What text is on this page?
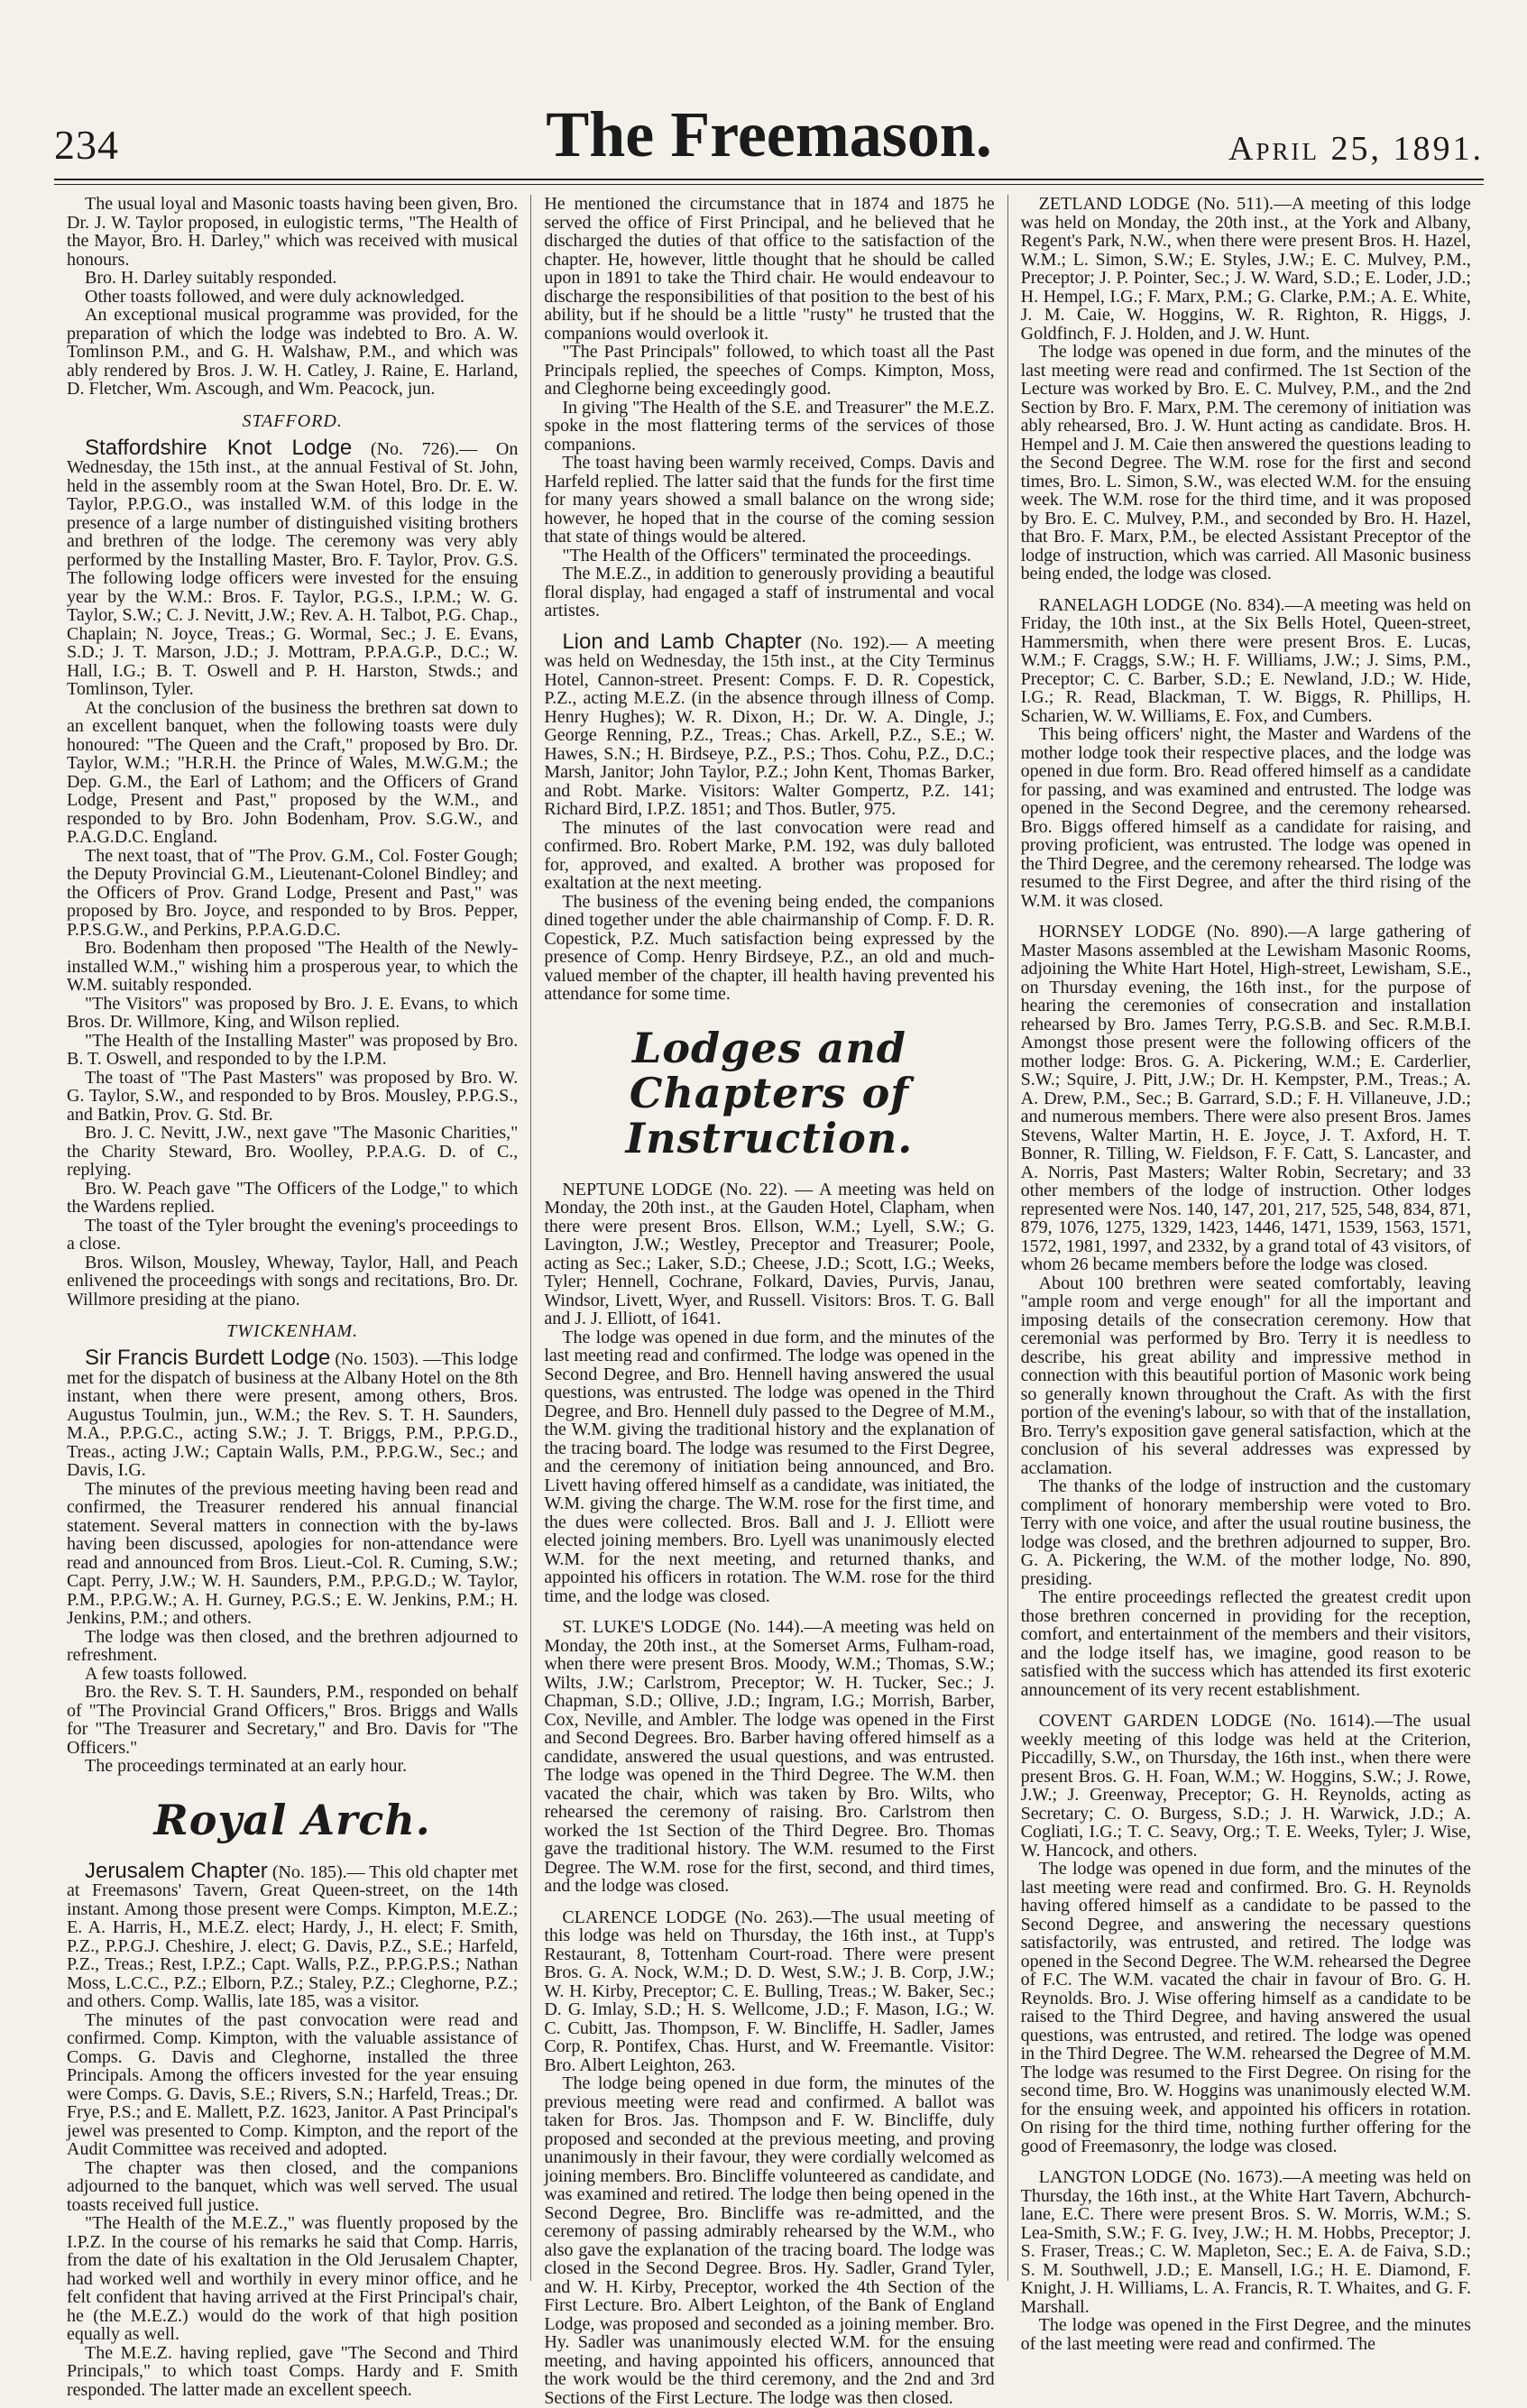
234	The Freemason.	April 25, 1891.

The usual loyal and Masonic toasts having been given, Bro. Dr. J. W. Taylor proposed, in eulogistic terms, "The Health of the Mayor, Bro. H. Darley," which was received with musical honours.

Bro. H. Darley suitably responded.

Other toasts followed, and were duly acknowledged.

An exceptional musical programme was provided, for the preparation of which the lodge was indebted to Bro. A. W. Tomlinson P.M., and G. H. Walshaw, P.M., and which was ably rendered by Bros. J. W. H. Catley, J. Raine, E. Harland, D. Fletcher, Wm. Ascough, and Wm. Peacock, jun.

STAFFORD.

Staffordshire Knot Lodge (No. 726).— On Wednesday, the 15th inst., at the annual Festival of St. John, held in the assembly room at the Swan Hotel, Bro. Dr. E. W. Taylor, P.P.G.O., was installed W.M. of this lodge in the presence of a large number of distinguished visiting brothers and brethren of the lodge. The ceremony was very ably performed by the Installing Master, Bro. F. Taylor, Prov. G.S. The following lodge officers were invested for the ensuing year by the W.M.: Bros. F. Taylor, P.G.S., I.P.M.; W. G. Taylor, S.W.; C. J. Nevitt, J.W.; Rev. A. H. Talbot, P.G. Chap., Chaplain; N. Joyce, Treas.; G. Wormal, Sec.; J. E. Evans, S.D.; J. T. Marson, J.D.; J. Mottram, P.P.A.G.P., D.C.; W. Hall, I.G.; B. T. Oswell and P. H. Harston, Stwds.; and Tomlinson, Tyler.

At the conclusion of the business the brethren sat down to an excellent banquet, when the following toasts were duly honoured: "The Queen and the Craft," proposed by Bro. Dr. Taylor, W.M.; "H.R.H. the Prince of Wales, M.W.G.M.; the Dep. G.M., the Earl of Lathom; and the Officers of Grand Lodge, Present and Past," proposed by the W.M., and responded to by Bro. John Bodenham, Prov. S.G.W., and P.A.G.D.C. England.

The next toast, that of "The Prov. G.M., Col. Foster Gough; the Deputy Provincial G.M., Lieutenant-Colonel Bindley; and the Officers of Prov. Grand Lodge, Present and Past," was proposed by Bro. Joyce, and responded to by Bros. Pepper, P.P.S.G.W., and Perkins, P.P.A.G.D.C.

Bro. Bodenham then proposed "The Health of the Newly-installed W.M.," wishing him a prosperous year, to which the W.M. suitably responded.

"The Visitors" was proposed by Bro. J. E. Evans, to which Bros. Dr. Willmore, King, and Wilson replied.

"The Health of the Installing Master" was proposed by Bro. B. T. Oswell, and responded to by the I.P.M.

The toast of "The Past Masters" was proposed by Bro. W. G. Taylor, S.W., and responded to by Bros. Mousley, P.P.G.S., and Batkin, Prov. G. Std. Br.

Bro. J. C. Nevitt, J.W., next gave "The Masonic Charities," the Charity Steward, Bro. Woolley, P.P.A.G. D. of C., replying.

Bro. W. Peach gave "The Officers of the Lodge," to which the Wardens replied.

The toast of the Tyler brought the evening's proceedings to a close.

Bros. Wilson, Mousley, Wheway, Taylor, Hall, and Peach enlivened the proceedings with songs and recitations, Bro. Dr. Willmore presiding at the piano.

TWICKENHAM.

Sir Francis Burdett Lodge (No. 1503). —This lodge met for the dispatch of business at the Albany Hotel on the 8th instant, when there were present, among others, Bros. Augustus Toulmin, jun., W.M.; the Rev. S. T. H. Saunders, M.A., P.P.G.C., acting S.W.; J. T. Briggs, P.M., P.P.G.D., Treas., acting J.W.; Captain Walls, P.M., P.P.G.W., Sec.; and Davis, I.G.

The minutes of the previous meeting having been read and confirmed, the Treasurer rendered his annual financial statement. Several matters in connection with the by-laws having been discussed, apologies for non-attendance were read and announced from Bros. Lieut.-Col. R. Cuming, S.W.; Capt. Perry, J.W.; W. H. Saunders, P.M., P.P.G.D.; W. Taylor, P.M., P.P.G.W.; A. H. Gurney, P.G.S.; E. W. Jenkins, P.M.; H. Jenkins, P.M.; and others.

The lodge was then closed, and the brethren adjourned to refreshment.

A few toasts followed.

Bro. the Rev. S. T. H. Saunders, P.M., responded on behalf of "The Provincial Grand Officers," Bros. Briggs and Walls for "The Treasurer and Secretary," and Bro. Davis for "The Officers."

The proceedings terminated at an early hour.

Royal Arch.

Jerusalem Chapter (No. 185).— This old chapter met at Freemasons' Tavern, Great Queen-street, on the 14th instant. Among those present were Comps. Kimpton, M.E.Z.; E. A. Harris, H., M.E.Z. elect; Hardy, J., H. elect; F. Smith, P.Z., P.P.G.J. Cheshire, J. elect; G. Davis, P.Z., S.E.; Harfeld, P.Z., Treas.; Rest, I.P.Z.; Capt. Walls, P.Z., P.P.G.P.S.; Nathan Moss, L.C.C., P.Z.; Elborn, P.Z.; Staley, P.Z.; Cleghorne, P.Z.; and others. Comp. Wallis, late 185, was a visitor.

The minutes of the past convocation were read and confirmed. Comp. Kimpton, with the valuable assistance of Comps. G. Davis and Cleghorne, installed the three Principals. Among the officers invested for the year ensuing were Comps. G. Davis, S.E.; Rivers, S.N.; Harfeld, Treas.; Dr. Frye, P.S.; and E. Mallett, P.Z. 1623, Janitor. A Past Principal's jewel was presented to Comp. Kimpton, and the report of the Audit Committee was received and adopted.

The chapter was then closed, and the companions adjourned to the banquet, which was well served. The usual toasts received full justice.

"The Health of the M.E.Z.," was fluently proposed by the I.P.Z. In the course of his remarks he said that Comp. Harris, from the date of his exaltation in the Old Jerusalem Chapter, had worked well and worthily in every minor office, and he felt confident that having arrived at the First Principal's chair, he (the M.E.Z.) would do the work of that high position equally as well.

The M.E.Z. having replied, gave "The Second and Third Principals," to which toast Comps. Hardy and F. Smith responded. The latter made an excellent speech.

He mentioned the circumstance that in 1874 and 1875 he served the office of First Principal, and he believed that he discharged the duties of that office to the satisfaction of the chapter. He, however, little thought that he should be called upon in 1891 to take the Third chair. He would endeavour to discharge the responsibilities of that position to the best of his ability, but if he should be a little "rusty" he trusted that the companions would overlook it.

"The Past Principals" followed, to which toast all the Past Principals replied, the speeches of Comps. Kimpton, Moss, and Cleghorne being exceedingly good.

In giving "The Health of the S.E. and Treasurer" the M.E.Z. spoke in the most flattering terms of the services of those companions.

The toast having been warmly received, Comps. Davis and Harfeld replied. The latter said that the funds for the first time for many years showed a small balance on the wrong side; however, he hoped that in the course of the coming session that state of things would be altered.

"The Health of the Officers" terminated the proceedings.

The M.E.Z., in addition to generously providing a beautiful floral display, had engaged a staff of instrumental and vocal artistes.

Lion and Lamb Chapter (No. 192).— A meeting was held on Wednesday, the 15th inst., at the City Terminus Hotel, Cannon-street. Present: Comps. F. D. R. Copestick, P.Z., acting M.E.Z. (in the absence through illness of Comp. Henry Hughes); W. R. Dixon, H.; Dr. W. A. Dingle, J.; George Renning, P.Z., Treas.; Chas. Arkell, P.Z., S.E.; W. Hawes, S.N.; H. Birdseye, P.Z., P.S.; Thos. Cohu, P.Z., D.C.; Marsh, Janitor; John Taylor, P.Z.; John Kent, Thomas Barker, and Robt. Marke. Visitors: Walter Gompertz, P.Z. 141; Richard Bird, I.P.Z. 1851; and Thos. Butler, 975.

The minutes of the last convocation were read and confirmed. Bro. Robert Marke, P.M. 192, was duly balloted for, approved, and exalted. A brother was proposed for exaltation at the next meeting.

The business of the evening being ended, the companions dined together under the able chairmanship of Comp. F. D. R. Copestick, P.Z. Much satisfaction being expressed by the presence of Comp. Henry Birdseye, P.Z., an old and much-valued member of the chapter, ill health having prevented his attendance for some time.

Lodges and Chapters of
Instruction.

NEPTUNE LODGE (No. 22). — A meeting was held on Monday, the 20th inst., at the Gauden Hotel, Clapham, when there were present Bros. Ellson, W.M.; Lyell, S.W.; G. Lavington, J.W.; Westley, Preceptor and Treasurer; Poole, acting as Sec.; Laker, S.D.; Cheese, J.D.; Scott, I.G.; Weeks, Tyler; Hennell, Cochrane, Folkard, Davies, Purvis, Janau, Windsor, Livett, Wyer, and Russell. Visitors: Bros. T. G. Ball and J. J. Elliott, of 1641.

The lodge was opened in due form, and the minutes of the last meeting read and confirmed. The lodge was opened in the Second Degree, and Bro. Hennell having answered the usual questions, was entrusted. The lodge was opened in the Third Degree, and Bro. Hennell duly passed to the Degree of M.M., the W.M. giving the traditional history and the explanation of the tracing board. The lodge was resumed to the First Degree, and the ceremony of initiation being announced, and Bro. Livett having offered himself as a candidate, was initiated, the W.M. giving the charge. The W.M. rose for the first time, and the dues were collected. Bros. Ball and J. J. Elliott were elected joining members. Bro. Lyell was unanimously elected W.M. for the next meeting, and returned thanks, and appointed his officers in rotation. The W.M. rose for the third time, and the lodge was closed.

ST. LUKE'S LODGE (No. 144).—A meeting was held on Monday, the 20th inst., at the Somerset Arms, Fulham-road, when there were present Bros. Moody, W.M.; Thomas, S.W.; Wilts, J.W.; Carlstrom, Preceptor; W. H. Tucker, Sec.; J. Chapman, S.D.; Ollive, J.D.; Ingram, I.G.; Morrish, Barber, Cox, Neville, and Ambler. The lodge was opened in the First and Second Degrees. Bro. Barber having offered himself as a candidate, answered the usual questions, and was entrusted. The lodge was opened in the Third Degree. The W.M. then vacated the chair, which was taken by Bro. Wilts, who rehearsed the ceremony of raising. Bro. Carlstrom then worked the 1st Section of the Third Degree. Bro. Thomas gave the traditional history. The W.M. resumed to the First Degree. The W.M. rose for the first, second, and third times, and the lodge was closed.

CLARENCE LODGE (No. 263).—The usual meeting of this lodge was held on Thursday, the 16th inst., at Tupp's Restaurant, 8, Tottenham Court-road. There were present Bros. G. A. Nock, W.M.; D. D. West, S.W.; J. B. Corp, J.W.; W. H. Kirby, Preceptor; C. E. Bulling, Treas.; W. Baker, Sec.; D. G. Imlay, S.D.; H. S. Wellcome, J.D.; F. Mason, I.G.; W. C. Cubitt, Jas. Thompson, F. W. Bincliffe, H. Sadler, James Corp, R. Pontifex, Chas. Hurst, and W. Freemantle. Visitor: Bro. Albert Leighton, 263.

The lodge being opened in due form, the minutes of the previous meeting were read and confirmed. A ballot was taken for Bros. Jas. Thompson and F. W. Bincliffe, duly proposed and seconded at the previous meeting, and proving unanimously in their favour, they were cordially welcomed as joining members. Bro. Bincliffe volunteered as candidate, and was examined and retired. The lodge then being opened in the Second Degree, Bro. Bincliffe was re-admitted, and the ceremony of passing admirably rehearsed by the W.M., who also gave the explanation of the tracing board. The lodge was closed in the Second Degree. Bros. Hy. Sadler, Grand Tyler, and W. H. Kirby, Preceptor, worked the 4th Section of the First Lecture. Bro. Albert Leighton, of the Bank of England Lodge, was proposed and seconded as a joining member. Bro. Hy. Sadler was unanimously elected W.M. for the ensuing meeting, and having appointed his officers, announced that the work would be the third ceremony, and the 2nd and 3rd Sections of the First Lecture. The lodge was then closed.

ZETLAND LODGE (No. 511).—A meeting of this lodge was held on Monday, the 20th inst., at the York and Albany, Regent's Park, N.W., when there were present Bros. H. Hazel, W.M.; L. Simon, S.W.; E. Styles, J.W.; E. C. Mulvey, P.M., Preceptor; J. P. Pointer, Sec.; J. W. Ward, S.D.; E. Loder, J.D.; H. Hempel, I.G.; F. Marx, P.M.; G. Clarke, P.M.; A. E. White, J. M. Caie, W. Hoggins, W. R. Righton, R. Higgs, J. Goldfinch, F. J. Holden, and J. W. Hunt.

The lodge was opened in due form, and the minutes of the last meeting were read and confirmed. The 1st Section of the Lecture was worked by Bro. E. C. Mulvey, P.M., and the 2nd Section by Bro. F. Marx, P.M. The ceremony of initiation was ably rehearsed, Bro. J. W. Hunt acting as candidate. Bros. H. Hempel and J. M. Caie then answered the questions leading to the Second Degree. The W.M. rose for the first and second times, Bro. L. Simon, S.W., was elected W.M. for the ensuing week. The W.M. rose for the third time, and it was proposed by Bro. E. C. Mulvey, P.M., and seconded by Bro. H. Hazel, that Bro. F. Marx, P.M., be elected Assistant Preceptor of the lodge of instruction, which was carried. All Masonic business being ended, the lodge was closed.

RANELAGH LODGE (No. 834).—A meeting was held on Friday, the 10th inst., at the Six Bells Hotel, Queen-street, Hammersmith, when there were present Bros. E. Lucas, W.M.; F. Craggs, S.W.; H. F. Williams, J.W.; J. Sims, P.M., Preceptor; C. C. Barber, S.D.; E. Newland, J.D.; W. Hide, I.G.; R. Read, Blackman, T. W. Biggs, R. Phillips, H. Scharien, W. W. Williams, E. Fox, and Cumbers.

This being officers' night, the Master and Wardens of the mother lodge took their respective places, and the lodge was opened in due form. Bro. Read offered himself as a candidate for passing, and was examined and entrusted. The lodge was opened in the Second Degree, and the ceremony rehearsed. Bro. Biggs offered himself as a candidate for raising, and proving proficient, was entrusted. The lodge was opened in the Third Degree, and the ceremony rehearsed. The lodge was resumed to the First Degree, and after the third rising of the W.M. it was closed.

HORNSEY LODGE (No. 890).—A large gathering of Master Masons assembled at the Lewisham Masonic Rooms, adjoining the White Hart Hotel, High-street, Lewisham, S.E., on Thursday evening, the 16th inst., for the purpose of hearing the ceremonies of consecration and installation rehearsed by Bro. James Terry, P.G.S.B. and Sec. R.M.B.I. Amongst those present were the following officers of the mother lodge: Bros. G. A. Pickering, W.M.; E. Carderlier, S.W.; Squire, J. Pitt, J.W.; Dr. H. Kempster, P.M., Treas.; A. A. Drew, P.M., Sec.; B. Garrard, S.D.; F. H. Villaneuve, J.D.; and numerous members. There were also present Bros. James Stevens, Walter Martin, H. E. Joyce, J. T. Axford, H. T. Bonner, R. Tilling, W. Fieldson, F. F. Catt, S. Lancaster, and A. Norris, Past Masters; Walter Robin, Secretary; and 33 other members of the lodge of instruction. Other lodges represented were Nos. 140, 147, 201, 217, 525, 548, 834, 871, 879, 1076, 1275, 1329, 1423, 1446, 1471, 1539, 1563, 1571, 1572, 1981, 1997, and 2332, by a grand total of 43 visitors, of whom 26 became members before the lodge was closed.

About 100 brethren were seated comfortably, leaving "ample room and verge enough" for all the important and imposing details of the consecration ceremony. How that ceremonial was performed by Bro. Terry it is needless to describe, his great ability and impressive method in connection with this beautiful portion of Masonic work being so generally known throughout the Craft. As with the first portion of the evening's labour, so with that of the installation, Bro. Terry's exposition gave general satisfaction, which at the conclusion of his several addresses was expressed by acclamation.

The thanks of the lodge of instruction and the customary compliment of honorary membership were voted to Bro. Terry with one voice, and after the usual routine business, the lodge was closed, and the brethren adjourned to supper, Bro. G. A. Pickering, the W.M. of the mother lodge, No. 890, presiding.

The entire proceedings reflected the greatest credit upon those brethren concerned in providing for the reception, comfort, and entertainment of the members and their visitors, and the lodge itself has, we imagine, good reason to be satisfied with the success which has attended its first exoteric announcement of its very recent establishment.

COVENT GARDEN LODGE (No. 1614).—The usual weekly meeting of this lodge was held at the Criterion, Piccadilly, S.W., on Thursday, the 16th inst., when there were present Bros. G. H. Foan, W.M.; W. Hoggins, S.W.; J. Rowe, J.W.; J. Greenway, Preceptor; G. H. Reynolds, acting as Secretary; C. O. Burgess, S.D.; J. H. Warwick, J.D.; A. Cogliati, I.G.; T. C. Seavy, Org.; T. E. Weeks, Tyler; J. Wise, W. Hancock, and others.

The lodge was opened in due form, and the minutes of the last meeting were read and confirmed. Bro. G. H. Reynolds having offered himself as a candidate to be passed to the Second Degree, and answering the necessary questions satisfactorily, was entrusted, and retired. The lodge was opened in the Second Degree. The W.M. rehearsed the Degree of F.C. The W.M. vacated the chair in favour of Bro. G. H. Reynolds. Bro. J. Wise offering himself as a candidate to be raised to the Third Degree, and having answered the usual questions, was entrusted, and retired. The lodge was opened in the Third Degree. The W.M. rehearsed the Degree of M.M. The lodge was resumed to the First Degree. On rising for the second time, Bro. W. Hoggins was unanimously elected W.M. for the ensuing week, and appointed his officers in rotation. On rising for the third time, nothing further offering for the good of Freemasonry, the lodge was closed.

LANGTON LODGE (No. 1673).—A meeting was held on Thursday, the 16th inst., at the White Hart Tavern, Abchurch-lane, E.C. There were present Bros. S. W. Morris, W.M.; S. Lea-Smith, S.W.; F. G. Ivey, J.W.; H. M. Hobbs, Preceptor; J. S. Fraser, Treas.; C. W. Mapleton, Sec.; E. A. de Faiva, S.D.; S. M. Southwell, J.D.; E. Mansell, I.G.; H. E. Diamond, F. Knight, J. H. Williams, L. A. Francis, R. T. Whaites, and G. F. Marshall.

The lodge was opened in the First Degree, and the minutes of the last meeting were read and confirmed. The
